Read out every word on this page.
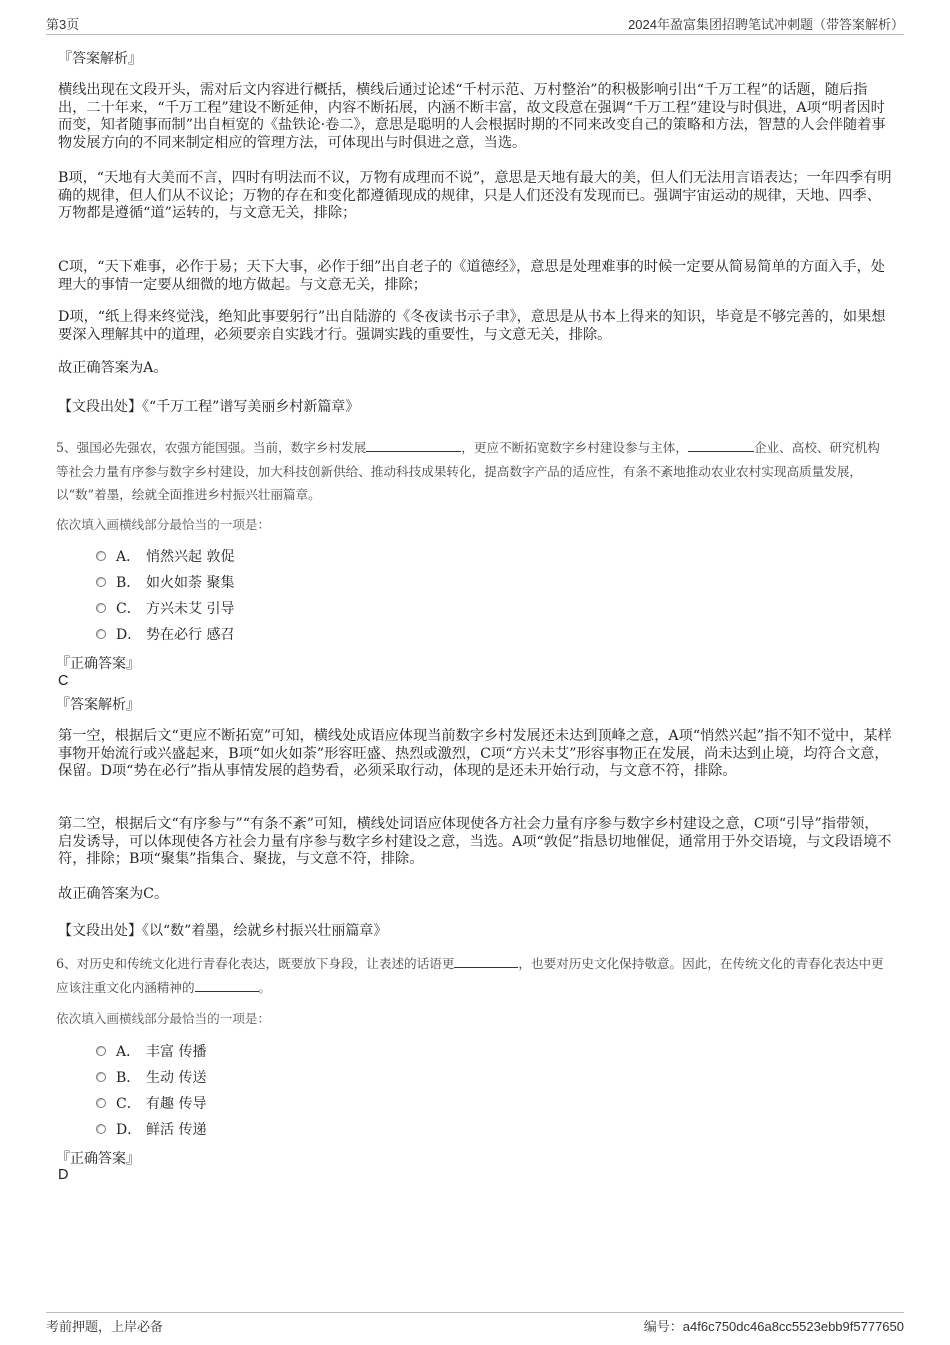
第3页	2024年盈富集团招聘笔试冲刺题（带答案解析）
『答案解析』
横线出现在文段开头，需对后文内容进行概括，横线后通过论述“千村示范、万村整治”的积极影响引出“千万工程”的话题，随后指出，二十年来，“千万工程”建设不断延伸，内容不断拓展，内涵不断丰富，故文段意在强调“千万工程”建设与时俱进，A项“明者因时而变，知者随事而制”出自桓宽的《盐铁论·卷二》，意思是聪明的人会根据时期的不同来改变自己的策略和方法，智慧的人会伴随着事物发展方向的不同来制定相应的管理方法，可体现出与时俱进之意，当选。
B项，“天地有大美而不言，四时有明法而不议，万物有成理而不说”，意思是天地有最大的美，但人们无法用言语表达；一年四季有明确的规律，但人们从不议论；万物的存在和变化都遵循现成的规律，只是人们还没有发现而已。强调宇宙运动的规律，天地、四季、万物都是遵循“道”运转的，与文意无关，排除；
C项，“天下难事，必作于易；天下大事，必作于细”出自老子的《道德经》，意思是处理难事的时候一定要从简易简单的方面入手，处理大的事情一定要从细微的地方做起。与文意无关，排除；
D项，“纸上得来终觉浅，绝知此事要躬行”出自陆游的《冬夜读书示子聿》，意思是从书本上得来的知识，毕竟是不够完善的，如果想要深入理解其中的道理，必须要亲自实践才行。强调实践的重要性，与文意无关，排除。
故正确答案为A。
【文段出处】《“千万工程”谱写美丽乡村新篇章》
5、强国必先强农，农强方能国强。当前，数字乡村发展	，更应不断拓宽数字乡村建设参与主体，	企业、高校、研究机构等社会力量有序参与数字乡村建设，加大科技创新供给、推动科技成果转化，提高数字产品的适应性，有条不紊地推动农业农村实现高质量发展，以“数”着墨，绘就全面推进乡村振兴壮丽篇章。
依次填入画横线部分最恰当的一项是：
A． 悄然兴起 敦促
B． 如火如荼 聚集
C． 方兴未艾 引导
D． 势在必行 感召
『正确答案』
C
『答案解析』
第一空，根据后文“更应不断拓宽”可知，横线处成语应体现当前数字乡村发展还未达到顶峰之意，A项“悄然兴起”指不知不觉中，某样事物开始流行或兴盛起来，B项“如火如荼”形容旺盛、热烈或激烈，C项“方兴未艾”形容事物正在发展，尚未达到止境，均符合文意，保留。D项“势在必行”指从事情发展的趋势看，必须采取行动，体现的是还未开始行动，与文意不符，排除。
第二空，根据后文“有序参与”“有条不紊”可知，横线处词语应体现使各方社会力量有序参与数字乡村建设之意，C项“引导”指带领，启发诱导，可以体现使各方社会力量有序参与数字乡村建设之意，当选。A项“敦促”指恳切地催促，通常用于外交语境，与文段语境不符，排除；B项“聚集”指集合、聚拢，与文意不符，排除。
故正确答案为C。
【文段出处】《以“数”着墨，绘就乡村振兴壮丽篇章》
6、对历史和传统文化进行青春化表达，既要放下身段，让表述的话语更	，也要对历史文化保持敬意。因此，在传统文化的青春化表达中更应该注重文化内涵精神的	。
依次填入画横线部分最恰当的一项是：
A． 丰富 传播
B． 生动 传送
C． 有趣 传导
D． 鲜活 传递
『正确答案』
D
考前押题，上岸必备	编号：a4f6c750dc46a8cc5523ebb9f5777650
